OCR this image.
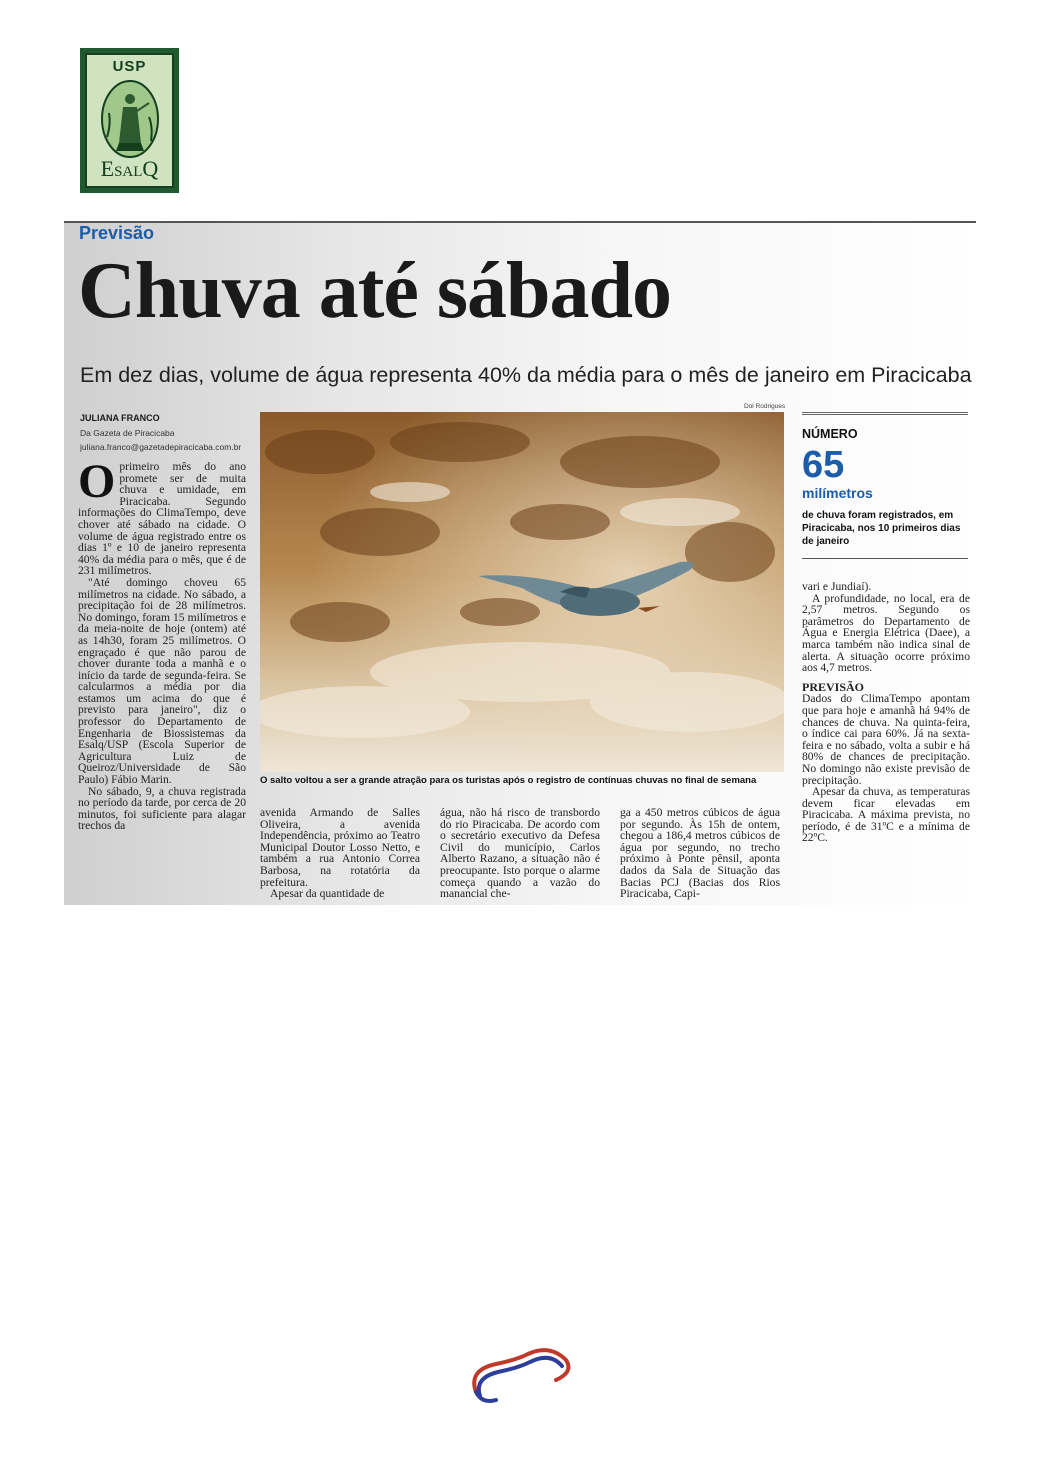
USP
EsalQ
Previsão
Chuva até sábado
Em dez dias, volume de água representa 40% da média para o mês de janeiro em Piracicaba
JULIANA FRANCO
Da Gazeta de Piracicaba
juliana.franco@gazetadepiracicaba.com.br

Oprimeiro mês do ano promete ser de muita chuva e umidade, em Piracicaba. Segundo informações do ClimaTempo, deve chover até sábado na cidade. O volume de água registrado entre os dias 1º e 10 de janeiro representa 40% da média para o mês, que é de 231 milímetros.

"Até domingo choveu 65 milímetros na cidade. No sábado, a precipitação foi de 28 milímetros. No domingo, foram 15 milímetros e da meia-noite de hoje (ontem) até as 14h30, foram 25 milímetros. O engraçado é que não parou de chover durante toda a manhã e o início da tarde de segunda-feira. Se calcularmos a média por dia estamos um acima do que é previsto para janeiro", diz o professor do Departamento de Engenharia de Biossistemas da Esalq/USP (Escola Superior de Agricultura Luiz de Queiroz/Universidade de São Paulo) Fábio Marin.

No sábado, 9, a chuva registrada no período da tarde, por cerca de 20 minutos, foi suficiente para alagar trechos da

Dol Rodrigues
O salto voltou a ser a grande atração para os turistas após o registro de contínuas chuvas no final de semana

avenida Armando de Salles Oliveira, a avenida Independência, próximo ao Teatro Municipal Doutor Losso Netto, e também a rua Antonio Correa Barbosa, na rotatória da prefeitura.

Apesar da quantidade de

água, não há risco de transbordo do rio Piracicaba. De acordo com o secretário executivo da Defesa Civil do município, Carlos Alberto Razano, a situação não é preocupante. Isto porque o alarme começa quando a vazão do manancial che-

ga a 450 metros cúbicos de água por segundo. Às 15h de ontem, chegou a 186,4 metros cúbicos de água por segundo, no trecho próximo à Ponte pênsil, aponta dados da Sala de Situação das Bacias PCJ (Bacias dos Rios Piracicaba, Capi-

NÚMERO
65
milímetros
de chuva foram registrados, em Piracicaba, nos 10 primeiros dias de janeiro

vari e Jundiaí).

A profundidade, no local, era de 2,57 metros. Segundo os parâmetros do Departamento de Água e Energia Elétrica (Daee), a marca também não indica sinal de alerta. A situação ocorre próximo aos 4,7 metros.

PREVISÃO

Dados do ClimaTempo apontam que para hoje e amanhã há 94% de chances de chuva. Na quinta-feira, o índice cai para 60%. Já na sexta-feira e no sábado, volta a subir e há 80% de chances de precipitação. No domingo não existe previsão de precipitação.

Apesar da chuva, as temperaturas devem ficar elevadas em Piracicaba. A máxima prevista, no período, é de 31ºC e a mínima de 22ºC.
